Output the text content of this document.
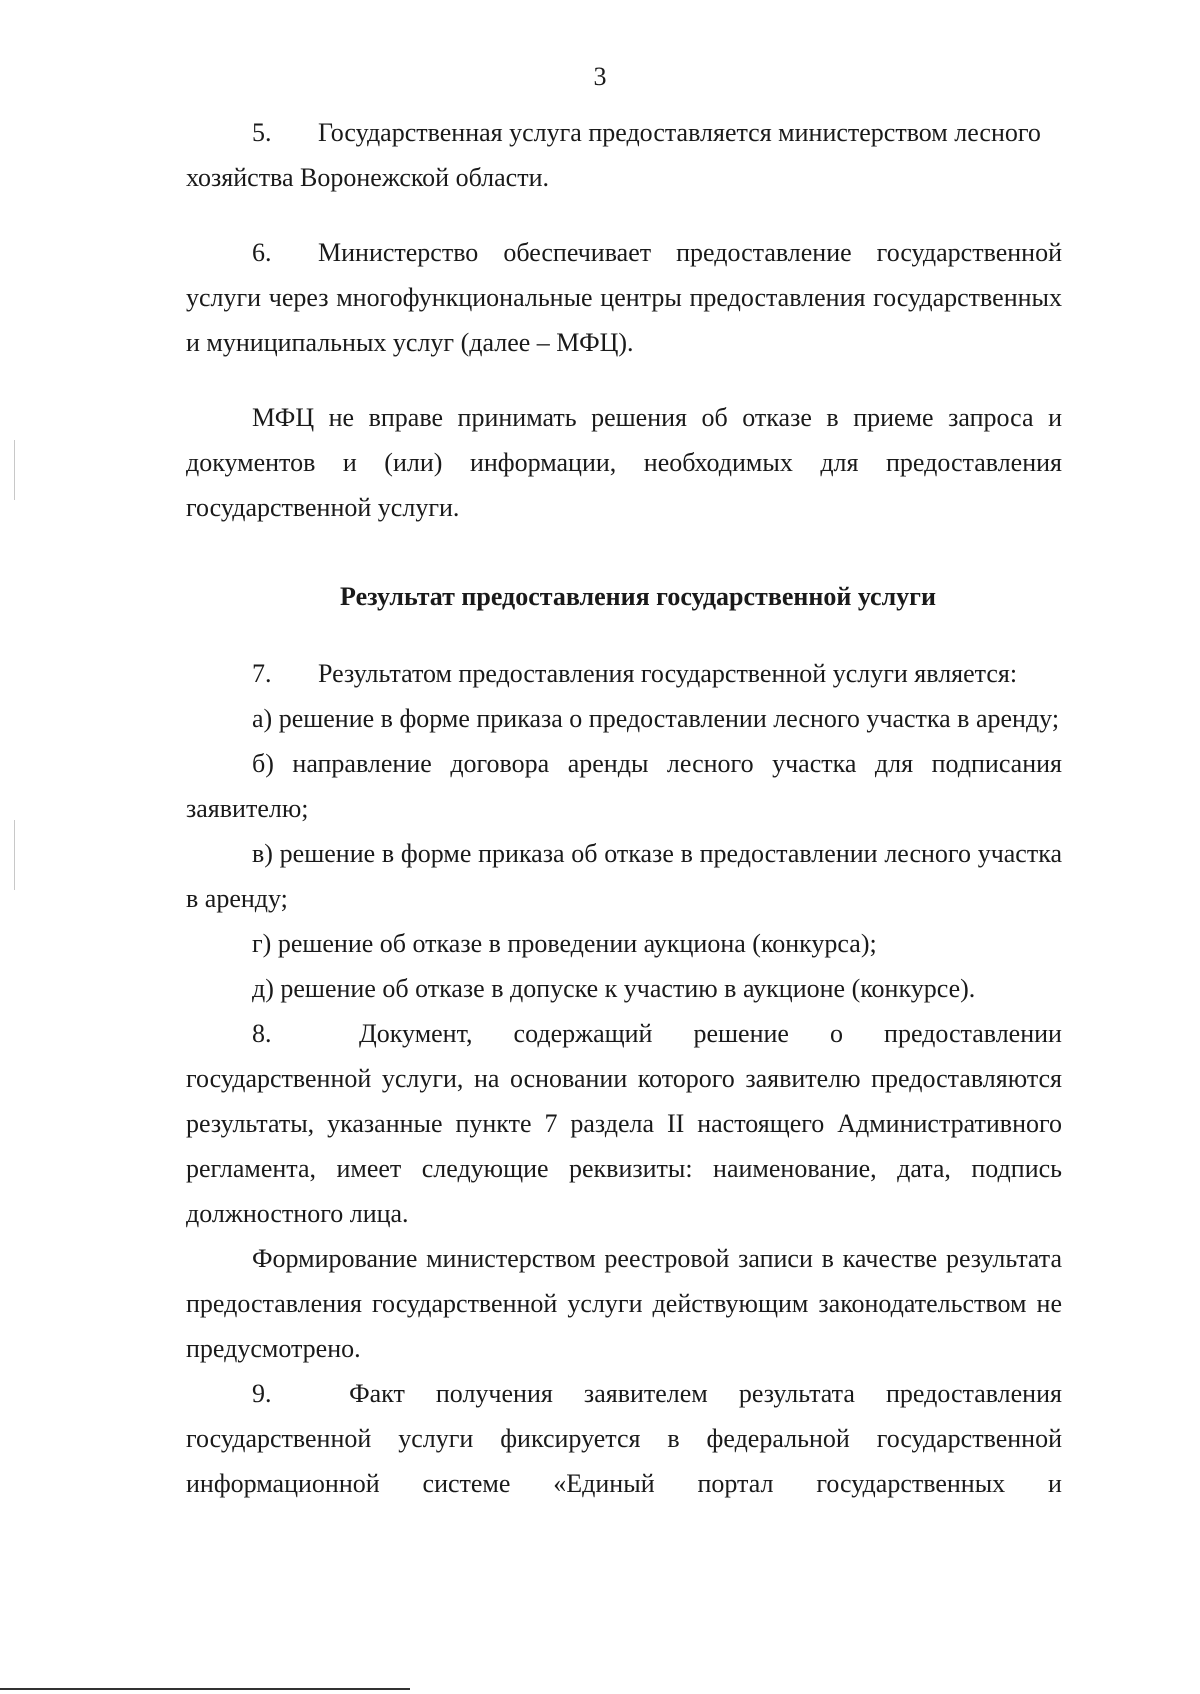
3

5. Государственная услуга предоставляется министерством лесного
хозяйства Воронежской области.

6. Министерство обеспечивает предоставление государственной услуги через многофункциональные центры предоставления государственных и муниципальных услуг (далее – МФЦ).

МФЦ не вправе принимать решения об отказе в приеме запроса и документов и (или) информации, необходимых для предоставления государственной услуги.

Результат предоставления государственной услуги

7. Результатом предоставления государственной услуги является:

а) решение в форме приказа о предоставлении лесного участка в аренду;

б) направление договора аренды лесного участка для подписания заявителю;

в) решение в форме приказа об отказе в предоставлении лесного участка в аренду;

г) решение об отказе в проведении аукциона (конкурса);

д) решение об отказе в допуске к участию в аукционе (конкурсе).

8.	Документ, содержащий решение о предоставлении

государственной услуги, на основании которого заявителю предоставляются результаты, указанные пункте 7 раздела II настоящего Административного регламента, имеет следующие реквизиты: наименование, дата, подпись должностного лица.

Формирование министерством реестровой записи в качестве результата предоставления государственной услуги действующим законодательством не предусмотрено.

9.	Факт получения заявителем результата предоставления
государственной услуги фиксируется в федеральной государственной
информационной системе «Единый портал государственных и
